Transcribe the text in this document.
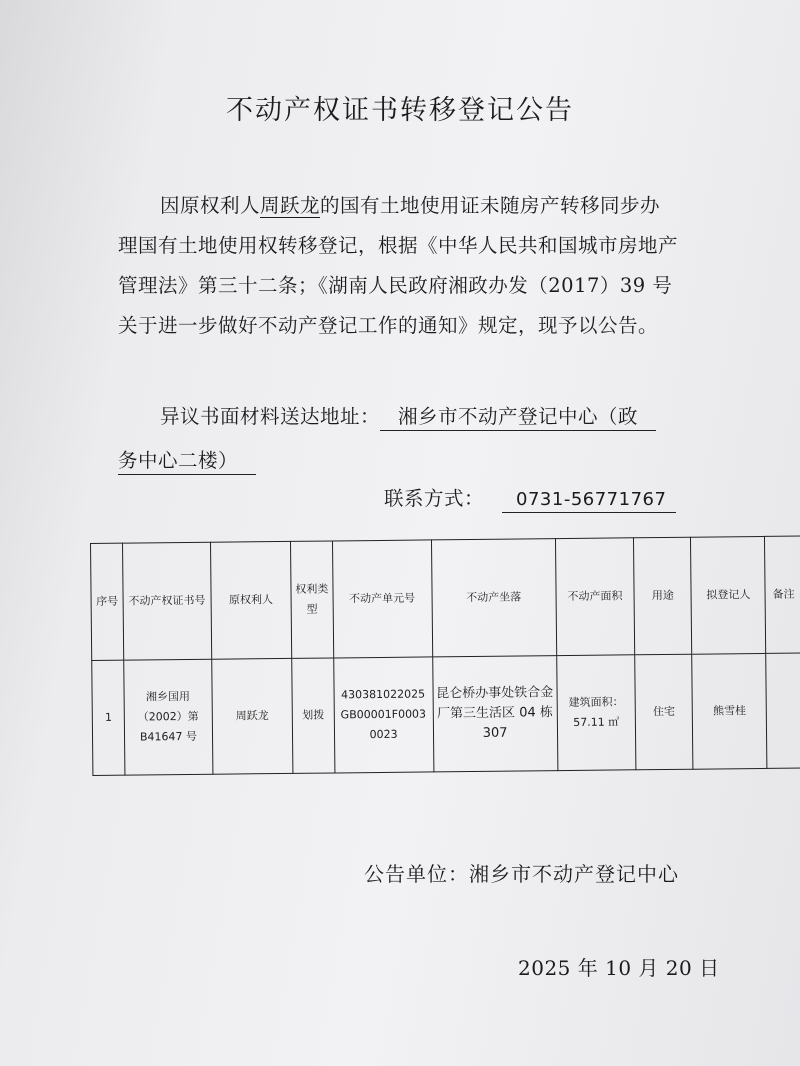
不动产权证书转移登记公告
因原权利人周跃龙的国有土地使用证未随房产转移同步办理国有土地使用权转移登记，根据《中华人民共和国城市房地产管理法》第三十二条；《湖南人民政府湘政办发（2017）39 号关于进一步做好不动产登记工作的通知》规定，现予以公告。
异议书面材料送达地址： 湘乡市不动产登记中心（政
务中心二楼）
联系方式： 0731-56771767
序号	不动产权证书号	原权利人	权利类型	不动产单元号	不动产坐落	不动产面积	用途	拟登记人	备注
1	湘乡国用（2002）第B41647 号	周跃龙	划拨	430381022025GB00001F00030023	昆仑桥办事处铁合金厂第三生活区 04 栋 307	建筑面积：57.11 ㎡	住宅	熊雪桂	
公告单位：湘乡市不动产登记中心
2025 年 10 月 20 日
